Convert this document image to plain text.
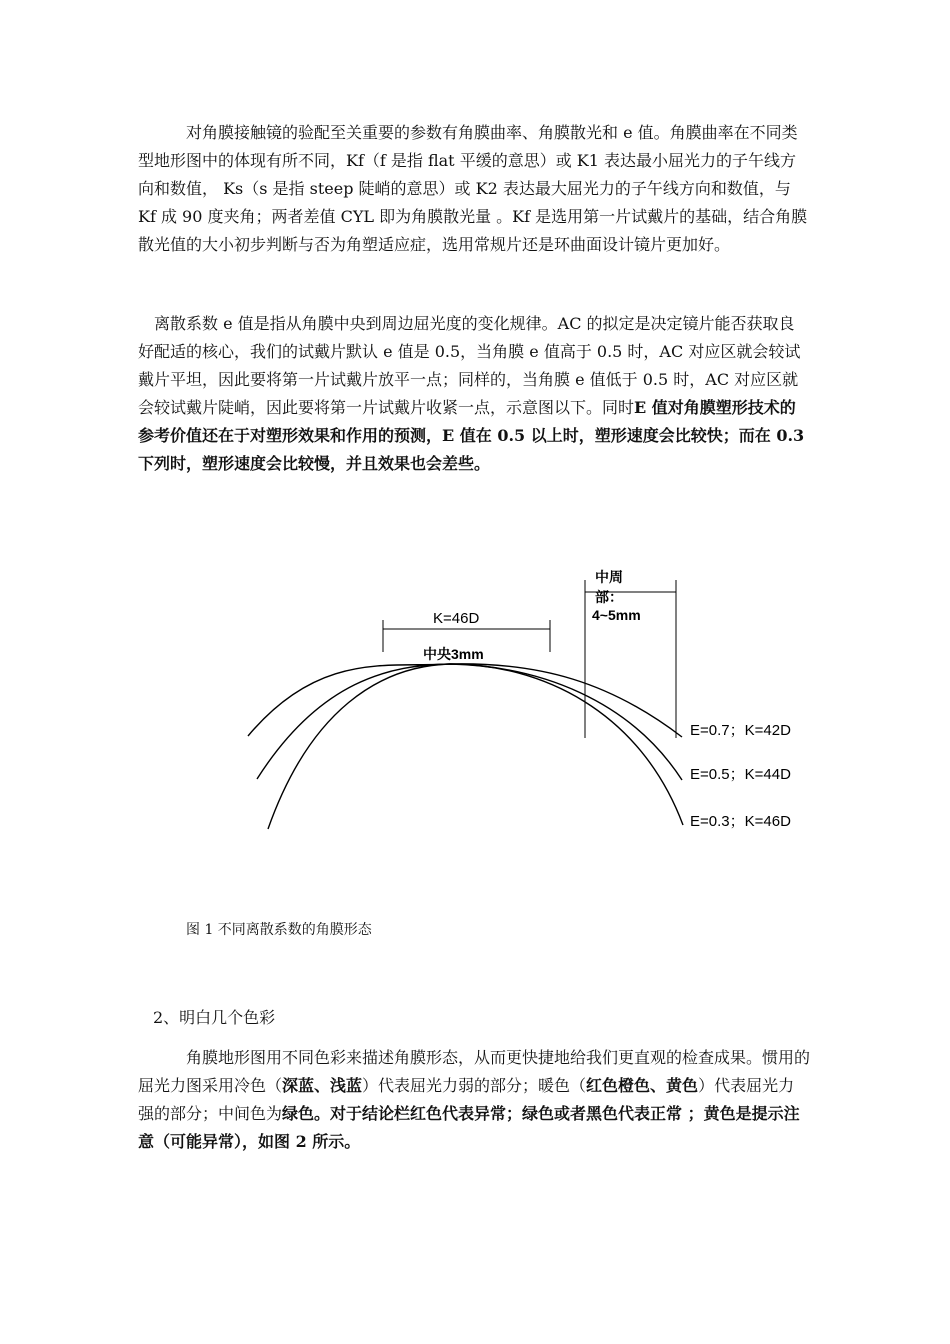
对角膜接触镜的验配至关重要的参数有角膜曲率、角膜散光和 e 值。角膜曲率在不同类型地形图中的体现有所不同，Kf（f 是指 flat 平缓的意思）或 K1 表达最小屈光力的子午线方向和数值， Ks（s 是指 steep 陡峭的意思）或 K2 表达最大屈光力的子午线方向和数值，与 Kf 成 90 度夹角；两者差值 CYL 即为角膜散光量 。Kf 是选用第一片试戴片的基础，结合角膜散光值的大小初步判断与否为角塑适应症，选用常规片还是环曲面设计镜片更加好。

离散系数 e 值是指从角膜中央到周边屈光度的变化规律。AC 的拟定是决定镜片能否获取良好配适的核心，我们的试戴片默认 e 值是 0.5，当角膜 e 值高于 0.5 时，AC 对应区就会较试戴片平坦，因此要将第一片试戴片放平一点；同样的，当角膜 e 值低于 0.5 时，AC 对应区就会较试戴片陡峭，因此要将第一片试戴片收紧一点，示意图以下。同时E 值对角膜塑形技术的参考价值还在于对塑形效果和作用的预测，E 值在 0.5 以上时，塑形速度会比较快；而在 0.3 下列时，塑形速度会比较慢，并且效果也会差些。

K=46D
中央3mm
中周
部：
4~5mm
E=0.7；K=42D
E=0.5；K=44D
E=0.3；K=46D

图 1 不同离散系数的角膜形态

2、明白几个色彩

角膜地形图用不同色彩来描述角膜形态，从而更快捷地给我们更直观的检查成果。惯用的屈光力图采用冷色（深蓝、浅蓝）代表屈光力弱的部分；暖色（红色橙色、黄色）代表屈光力强的部分；中间色为绿色。对于结论栏红色代表异常；绿色或者黑色代表正常 ；黄色是提示注意（可能异常），如图 2 所示。
